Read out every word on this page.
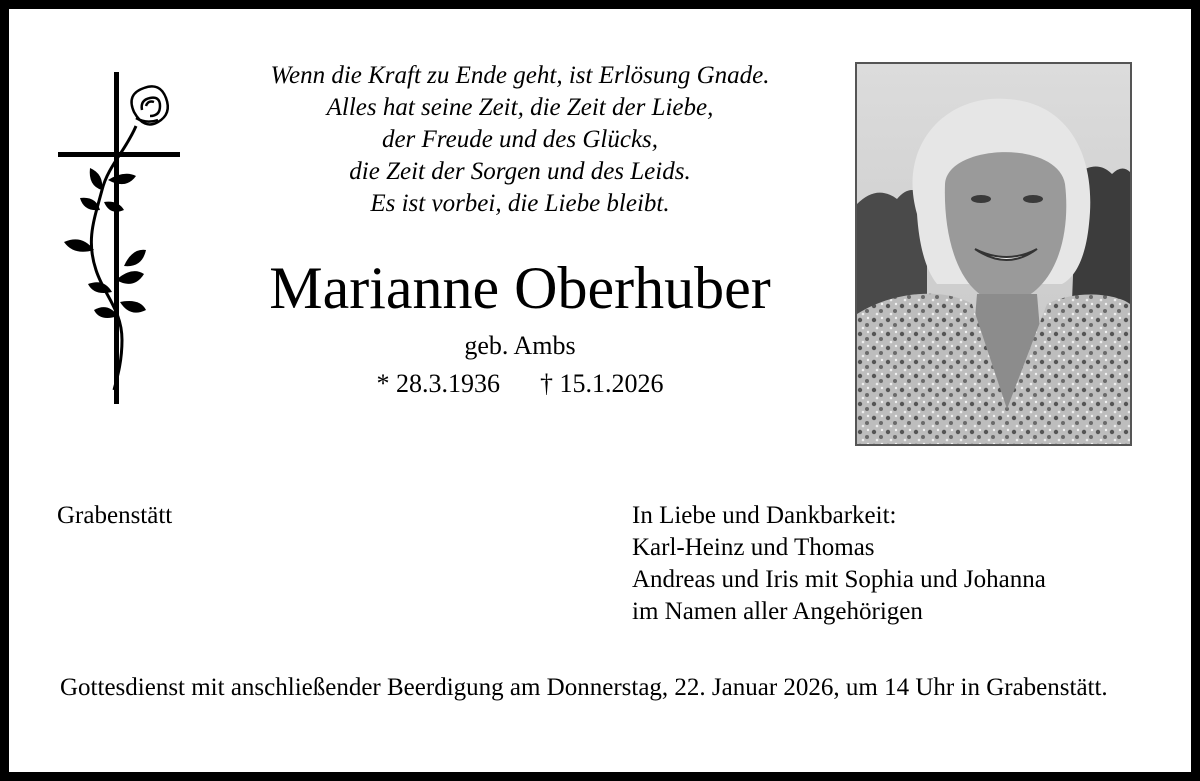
Wenn die Kraft zu Ende geht, ist Erlösung Gnade.
Alles hat seine Zeit, die Zeit der Liebe,
der Freude und des Glücks,
die Zeit der Sorgen und des Leids.
Es ist vorbei, die Liebe bleibt.
Marianne Oberhuber
geb. Ambs
* 28.3.1936 † 15.1.2026
Grabenstätt	In Liebe und Dankbarkeit:
Karl-Heinz und Thomas
Andreas und Iris mit Sophia und Johanna
im Namen aller Angehörigen
Gottesdienst mit anschließender Beerdigung am Donnerstag, 22. Januar 2026, um 14 Uhr in Grabenstätt.
